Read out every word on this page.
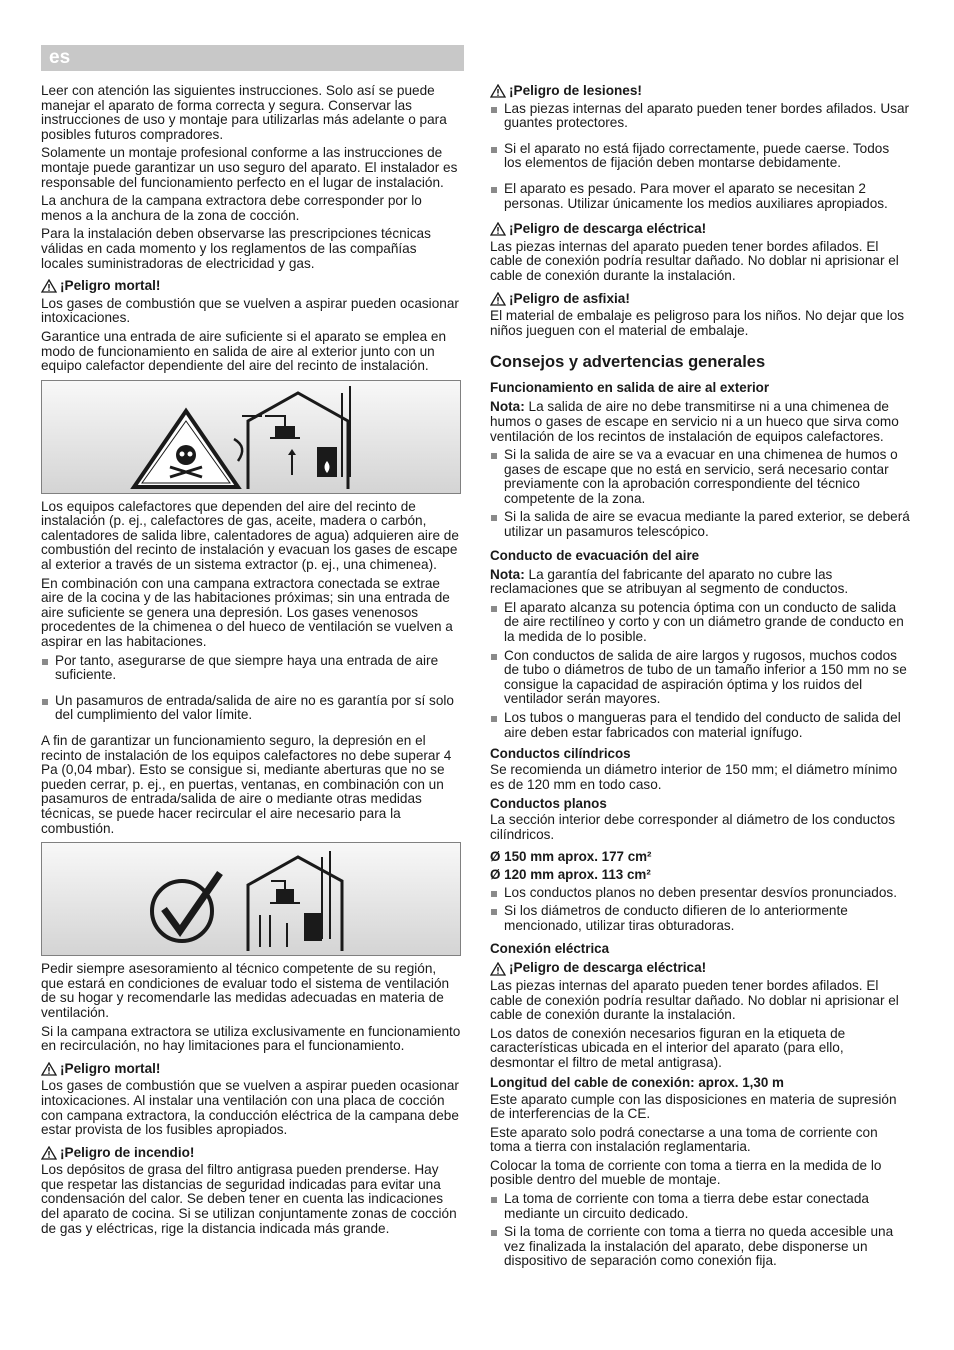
es

Leer con atención las siguientes instrucciones. Solo así se puede manejar el aparato de forma correcta y segura. Conservar las instrucciones de uso y montaje para utilizarlas más adelante o para posibles futuros compradores.

Solamente un montaje profesional conforme a las instrucciones de montaje puede garantizar un uso seguro del aparato. El instalador es responsable del funcionamiento perfecto en el lugar de instalación.

La anchura de la campana extractora debe corresponder por lo menos a la anchura de la zona de cocción.

Para la instalación deben observarse las prescripciones técnicas válidas en cada momento y los reglamentos de las compañías locales suministradoras de electricidad y gas.

¡Peligro mortal!

Los gases de combustión que se vuelven a aspirar pueden ocasionar intoxicaciones.

Garantice una entrada de aire suficiente si el aparato se emplea en modo de funcionamiento en salida de aire al exterior junto con un equipo calefactor dependiente del aire del recinto de instalación.

Los equipos calefactores que dependen del aire del recinto de instalación (p. ej., calefactores de gas, aceite, madera o carbón, calentadores de salida libre, calentadores de agua) adquieren aire de combustión del recinto de instalación y evacuan los gases de escape al exterior a través de un sistema extractor (p. ej., una chimenea).

En combinación con una campana extractora conectada se extrae aire de la cocina y de las habitaciones próximas; sin una entrada de aire suficiente se genera una depresión. Los gases venenosos procedentes de la chimenea o del hueco de ventilación se vuelven a aspirar en las habitaciones.

Por tanto, asegurarse de que siempre haya una entrada de aire suficiente.
Un pasamuros de entrada/salida de aire no es garantía por sí solo del cumplimiento del valor límite.

A fin de garantizar un funcionamiento seguro, la depresión en el recinto de instalación de los equipos calefactores no debe superar 4 Pa (0,04 mbar). Esto se consigue si, mediante aberturas que no se pueden cerrar, p. ej., en puertas, ventanas, en combinación con un pasamuros de entrada/salida de aire o mediante otras medidas técnicas, se puede hacer recircular el aire necesario para la combustión.

Pedir siempre asesoramiento al técnico competente de su región, que estará en condiciones de evaluar todo el sistema de ventilación de su hogar y recomendarle las medidas adecuadas en materia de ventilación.

Si la campana extractora se utiliza exclusivamente en funcionamiento en recirculación, no hay limitaciones para el funcionamiento.

¡Peligro mortal!

Los gases de combustión que se vuelven a aspirar pueden ocasionar intoxicaciones. Al instalar una ventilación con una placa de cocción con campana extractora, la conducción eléctrica de la campana debe estar provista de los fusibles apropiados.

¡Peligro de incendio!

Los depósitos de grasa del filtro antigrasa pueden prenderse. Hay que respetar las distancias de seguridad indicadas para evitar una condensación del calor. Se deben tener en cuenta las indicaciones del aparato de cocina. Si se utilizan conjuntamente zonas de cocción de gas y eléctricas, rige la distancia indicada más grande.

¡Peligro de lesiones!
Las piezas internas del aparato pueden tener bordes afilados. Usar guantes protectores.
Si el aparato no está fijado correctamente, puede caerse. Todos los elementos de fijación deben montarse debidamente.
El aparato es pesado. Para mover el aparato se necesitan 2 personas. Utilizar únicamente los medios auxiliares apropiados.
¡Peligro de descarga eléctrica!

Las piezas internas del aparato pueden tener bordes afilados. El cable de conexión podría resultar dañado. No doblar ni aprisionar el cable de conexión durante la instalación.

¡Peligro de asfixia!

El material de embalaje es peligroso para los niños. No dejar que los niños jueguen con el material de embalaje.

Consejos y advertencias generales
Funcionamiento en salida de aire al exterior

Nota: La salida de aire no debe transmitirse ni a una chimenea de humos o gases de escape en servicio ni a un hueco que sirva como ventilación de los recintos de instalación de equipos calefactores.

Si la salida de aire se va a evacuar en una chimenea de humos o gases de escape que no está en servicio, será necesario contar previamente con la aprobación correspondiente del técnico competente de la zona.
Si la salida de aire se evacua mediante la pared exterior, se deberá utilizar un pasamuros telescópico.
Conducto de evacuación del aire

Nota: La garantía del fabricante del aparato no cubre las reclamaciones que se atribuyan al segmento de conductos.

El aparato alcanza su potencia óptima con un conducto de salida de aire rectilíneo y corto y con un diámetro grande de conducto en la medida de lo posible.
Con conductos de salida de aire largos y rugosos, muchos codos de tubo o diámetros de tubo de un tamaño inferior a 150 mm no se consigue la capacidad de aspiración óptima y los ruidos del ventilador serán mayores.
Los tubos o mangueras para el tendido del conducto de salida del aire deben estar fabricados con material ignífugo.
Conductos cilíndricos

Se recomienda un diámetro interior de 150 mm; el diámetro mínimo es de 120 mm en todo caso.

Conductos planos

La sección interior debe corresponder al diámetro de los conductos cilíndricos.

Ø 150 mm aprox. 177 cm²
Ø 120 mm aprox. 113 cm²
Los conductos planos no deben presentar desvíos pronunciados.
Si los diámetros de conducto difieren de lo anteriormente mencionado, utilizar tiras obturadoras.
Conexión eléctrica
¡Peligro de descarga eléctrica!

Las piezas internas del aparato pueden tener bordes afilados. El cable de conexión podría resultar dañado. No doblar ni aprisionar el cable de conexión durante la instalación.

Los datos de conexión necesarios figuran en la etiqueta de características ubicada en el interior del aparato (para ello, desmontar el filtro de metal antigrasa).

Longitud del cable de conexión: aprox. 1,30 m

Este aparato cumple con las disposiciones en materia de supresión de interferencias de la CE.

Este aparato solo podrá conectarse a una toma de corriente con toma a tierra con instalación reglamentaria.

Colocar la toma de corriente con toma a tierra en la medida de lo posible dentro del mueble de montaje.

La toma de corriente con toma a tierra debe estar conectada mediante un circuito dedicado.
Si la toma de corriente con toma a tierra no queda accesible una vez finalizada la instalación del aparato, debe disponerse un dispositivo de separación como conexión fija.
